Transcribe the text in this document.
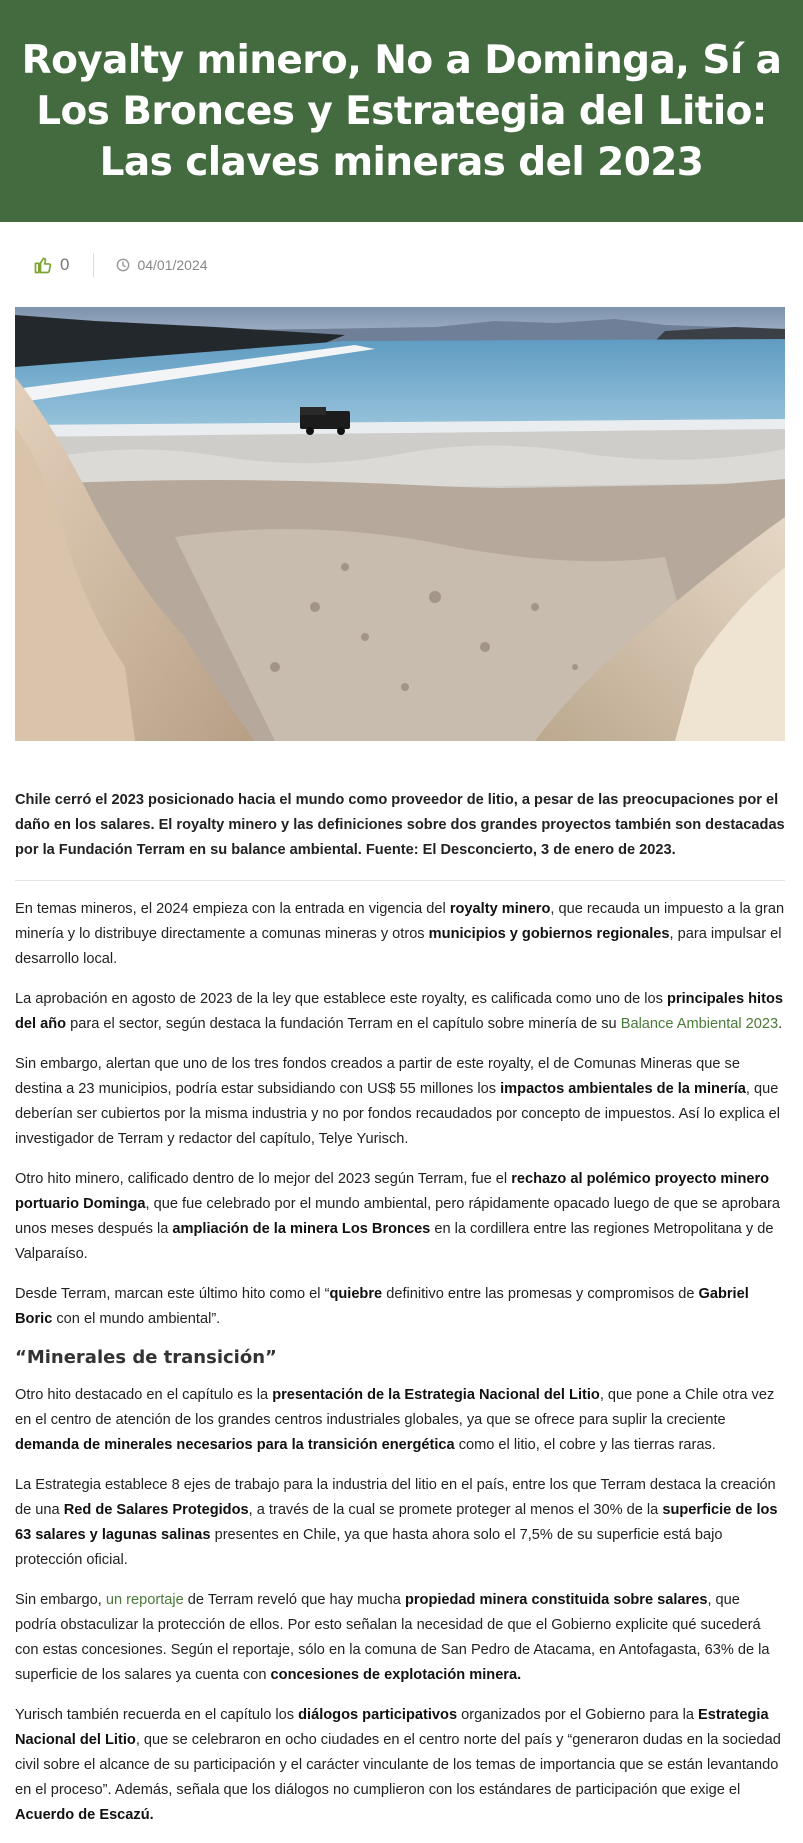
Royalty minero, No a Dominga, Sí a Los Bronces y Estrategia del Litio: Las claves mineras del 2023
0	04/01/2024

Chile cerró el 2023 posicionado hacia el mundo como proveedor de litio, a pesar de las preocupaciones por el daño en los salares. El royalty minero y las definiciones sobre dos grandes proyectos también son destacadas por la Fundación Terram en su balance ambiental. Fuente: El Desconcierto, 3 de enero de 2023.

En temas mineros, el 2024 empieza con la entrada en vigencia del royalty minero, que recauda un impuesto a la gran minería y lo distribuye directamente a comunas mineras y otros municipios y gobiernos regionales, para impulsar el desarrollo local.

La aprobación en agosto de 2023 de la ley que establece este royalty, es calificada como uno de los principales hitos del año para el sector, según destaca la fundación Terram en el capítulo sobre minería de su Balance Ambiental 2023.

Sin embargo, alertan que uno de los tres fondos creados a partir de este royalty, el de Comunas Mineras que se destina a 23 municipios, podría estar subsidiando con US$ 55 millones los impactos ambientales de la minería, que deberían ser cubiertos por la misma industria y no por fondos recaudados por concepto de impuestos. Así lo explica el investigador de Terram y redactor del capítulo, Telye Yurisch.

Otro hito minero, calificado dentro de lo mejor del 2023 según Terram, fue el rechazo al polémico proyecto minero portuario Dominga, que fue celebrado por el mundo ambiental, pero rápidamente opacado luego de que se aprobara unos meses después la ampliación de la minera Los Bronces en la cordillera entre las regiones Metropolitana y de Valparaíso.

Desde Terram, marcan este último hito como el “quiebre definitivo entre las promesas y compromisos de Gabriel Boric con el mundo ambiental”.

“Minerales de transición”

Otro hito destacado en el capítulo es la presentación de la Estrategia Nacional del Litio, que pone a Chile otra vez en el centro de atención de los grandes centros industriales globales, ya que se ofrece para suplir la creciente demanda de minerales necesarios para la transición energética como el litio, el cobre y las tierras raras.

La Estrategia establece 8 ejes de trabajo para la industria del litio en el país, entre los que Terram destaca la creación de una Red de Salares Protegidos, a través de la cual se promete proteger al menos el 30% de la superficie de los 63 salares y lagunas salinas presentes en Chile, ya que hasta ahora solo el 7,5% de su superficie está bajo protección oficial.

Sin embargo, un reportaje de Terram reveló que hay mucha propiedad minera constituida sobre salares, que podría obstaculizar la protección de ellos. Por esto señalan la necesidad de que el Gobierno explicite qué sucederá con estas concesiones. Según el reportaje, sólo en la comuna de San Pedro de Atacama, en Antofagasta, 63% de la superficie de los salares ya cuenta con concesiones de explotación minera.

Yurisch también recuerda en el capítulo los diálogos participativos organizados por el Gobierno para la Estrategia Nacional del Litio, que se celebraron en ocho ciudades en el centro norte del país y “generaron dudas en la sociedad civil sobre el alcance de su participación y el carácter vinculante de los temas de importancia que se están levantando en el proceso”. Además, señala que los diálogos no cumplieron con los estándares de participación que exige el Acuerdo de Escazú.
